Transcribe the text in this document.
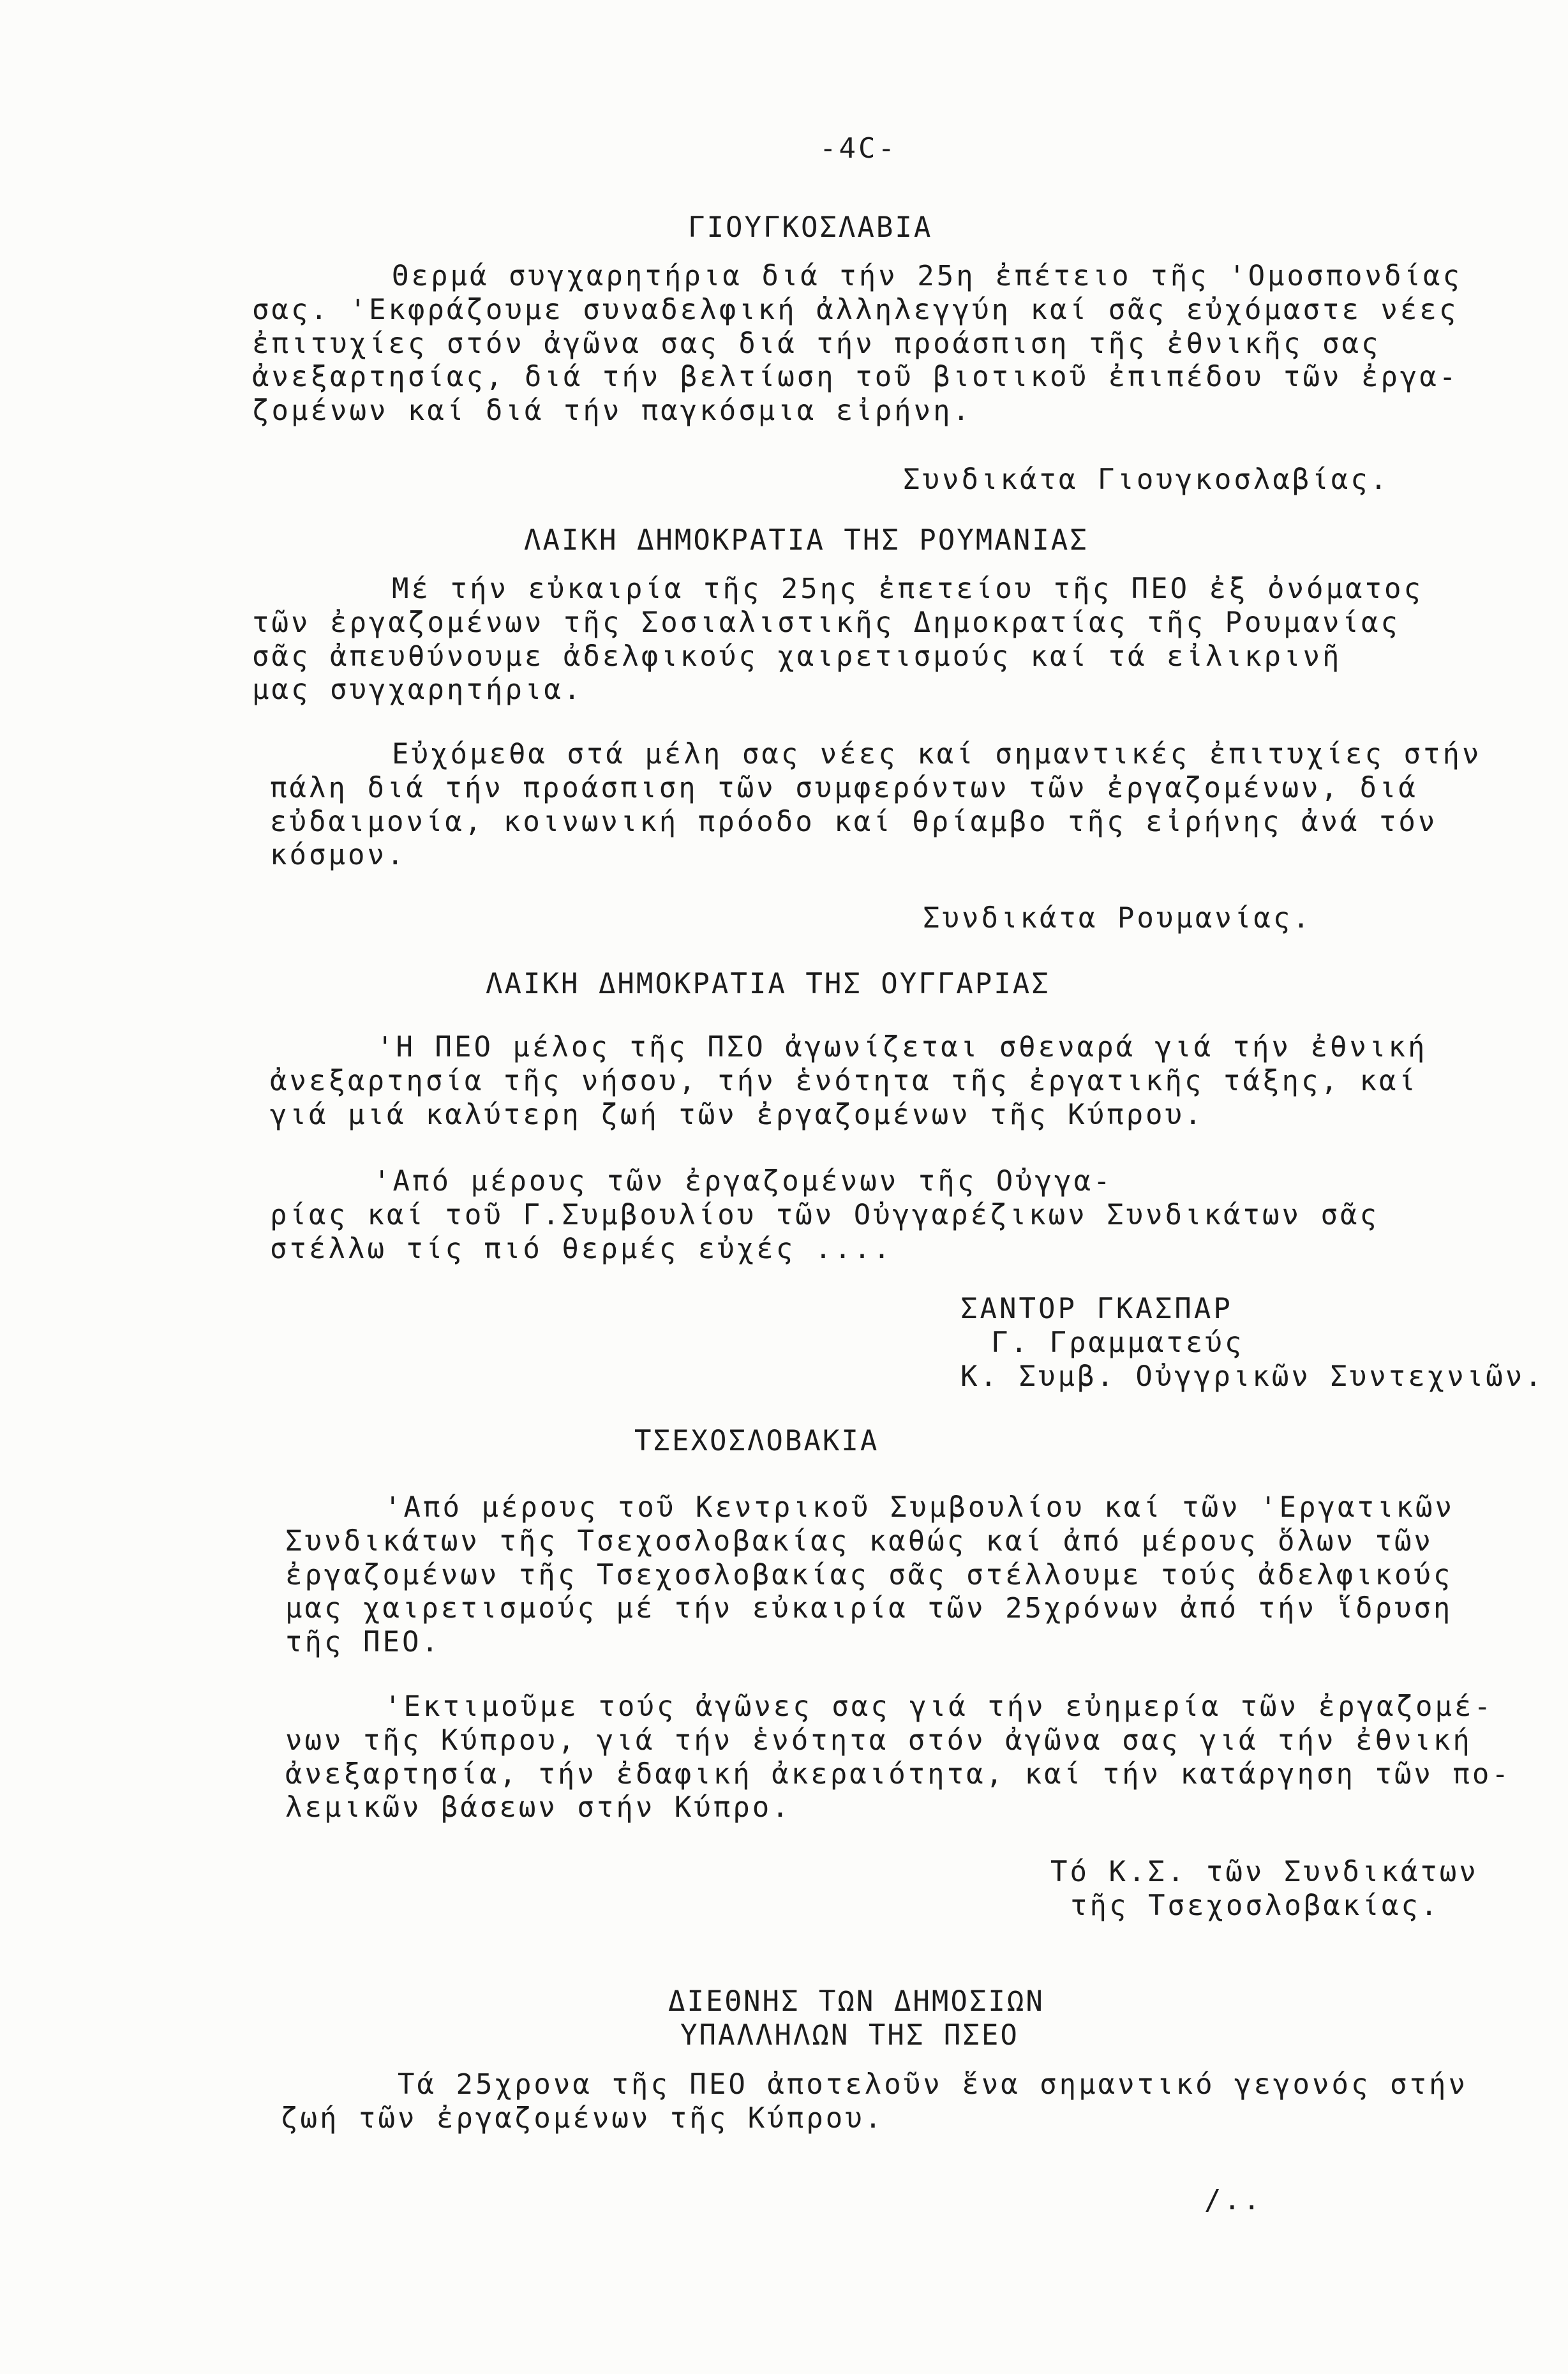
-4C-
ΓΙΟΥΓΚΟΣΛΑΒΙΑ
Θερμά συγχαρητήρια διά τήν 25η ἐπέτειο τῆς 'Ομοσπονδίας
σας. 'Εκφράζουμε συναδελφική ἀλληλεγγύη καί σᾶς εὐχόμαστε νέες
ἐπιτυχίες στόν ἀγῶνα σας διά τήν προάσπιση τῆς ἐθνικῆς σας
ἀνεξαρτησίας, διά τήν βελτίωση τοῦ βιοτικοῦ ἐπιπέδου τῶν ἐργα-
ζομένων καί διά τήν παγκόσμια εἰρήνη.
Συνδικάτα Γιουγκοσλαβίας.
ΛΑΙΚΗ ΔΗΜΟΚΡΑΤΙΑ ΤΗΣ ΡΟΥΜΑΝΙΑΣ
Μέ τήν εὐκαιρία τῆς 25ης ἐπετείου τῆς ΠΕΟ ἐξ ὀνόματος
τῶν ἐργαζομένων τῆς Σοσιαλιστικῆς Δημοκρατίας τῆς Ρουμανίας
σᾶς ἀπευθύνουμε ἀδελφικούς χαιρετισμούς καί τά εἰλικρινῆ
μας συγχαρητήρια.
Εὐχόμεθα στά μέλη σας νέες καί σημαντικές ἐπιτυχίες στήν
πάλη διά τήν προάσπιση τῶν συμφερόντων τῶν ἐργαζομένων, διά
εὐδαιμονία, κοινωνική πρόοδο καί θρίαμβο τῆς εἰρήνης ἀνά τόν
κόσμον.
Συνδικάτα Ρουμανίας.
ΛΑΙΚΗ ΔΗΜΟΚΡΑΤΙΑ ΤΗΣ ΟΥΓΓΑΡΙΑΣ
'Η ΠΕΟ μέλος τῆς ΠΣΟ ἀγωνίζεται σθεναρά γιά τήν ἐθνική
ἀνεξαρτησία τῆς νήσου, τήν ἑνότητα τῆς ἐργατικῆς τάξης, καί
γιά μιά καλύτερη ζωή τῶν ἐργαζομένων τῆς Κύπρου.
'Από μέρους τῶν ἐργαζομένων τῆς Οὐγγα-
ρίας καί τοῦ Γ.Συμβουλίου τῶν Οὐγγαρέζικων Συνδικάτων σᾶς
στέλλω τίς πιό θερμές εὐχές ....
ΣΑΝΤΟΡ ΓΚΑΣΠΑΡ
Γ. Γραμματεύς
Κ. Συμβ. Οὐγγρικῶν Συντεχνιῶν.
ΤΣΕΧΟΣΛΟΒΑΚΙΑ
'Από μέρους τοῦ Κεντρικοῦ Συμβουλίου καί τῶν 'Εργατικῶν
Συνδικάτων τῆς Τσεχοσλοβακίας καθώς καί ἀπό μέρους ὅλων τῶν
ἐργαζομένων τῆς Τσεχοσλοβακίας σᾶς στέλλουμε τούς ἀδελφικούς
μας χαιρετισμούς μέ τήν εὐκαιρία τῶν 25χρόνων ἀπό τήν ἵδρυση
τῆς ΠΕΟ.
'Εκτιμοῦμε τούς ἀγῶνες σας γιά τήν εὐημερία τῶν ἐργαζομέ-
νων τῆς Κύπρου, γιά τήν ἑνότητα στόν ἀγῶνα σας γιά τήν ἐθνική
ἀνεξαρτησία, τήν ἐδαφική ἀκεραιότητα, καί τήν κατάργηση τῶν πο-
λεμικῶν βάσεων στήν Κύπρο.
Τό Κ.Σ. τῶν Συνδικάτων
τῆς Τσεχοσλοβακίας.
ΔΙΕΘΝΗΣ ΤΩΝ ΔΗΜΟΣΙΩΝ
ΥΠΑΛΛΗΛΩΝ ΤΗΣ ΠΣΕΟ
Τά 25χρονα τῆς ΠΕΟ ἀποτελοῦν ἕνα σημαντικό γεγονός στήν
ζωή τῶν ἐργαζομένων τῆς Κύπρου.
/..
